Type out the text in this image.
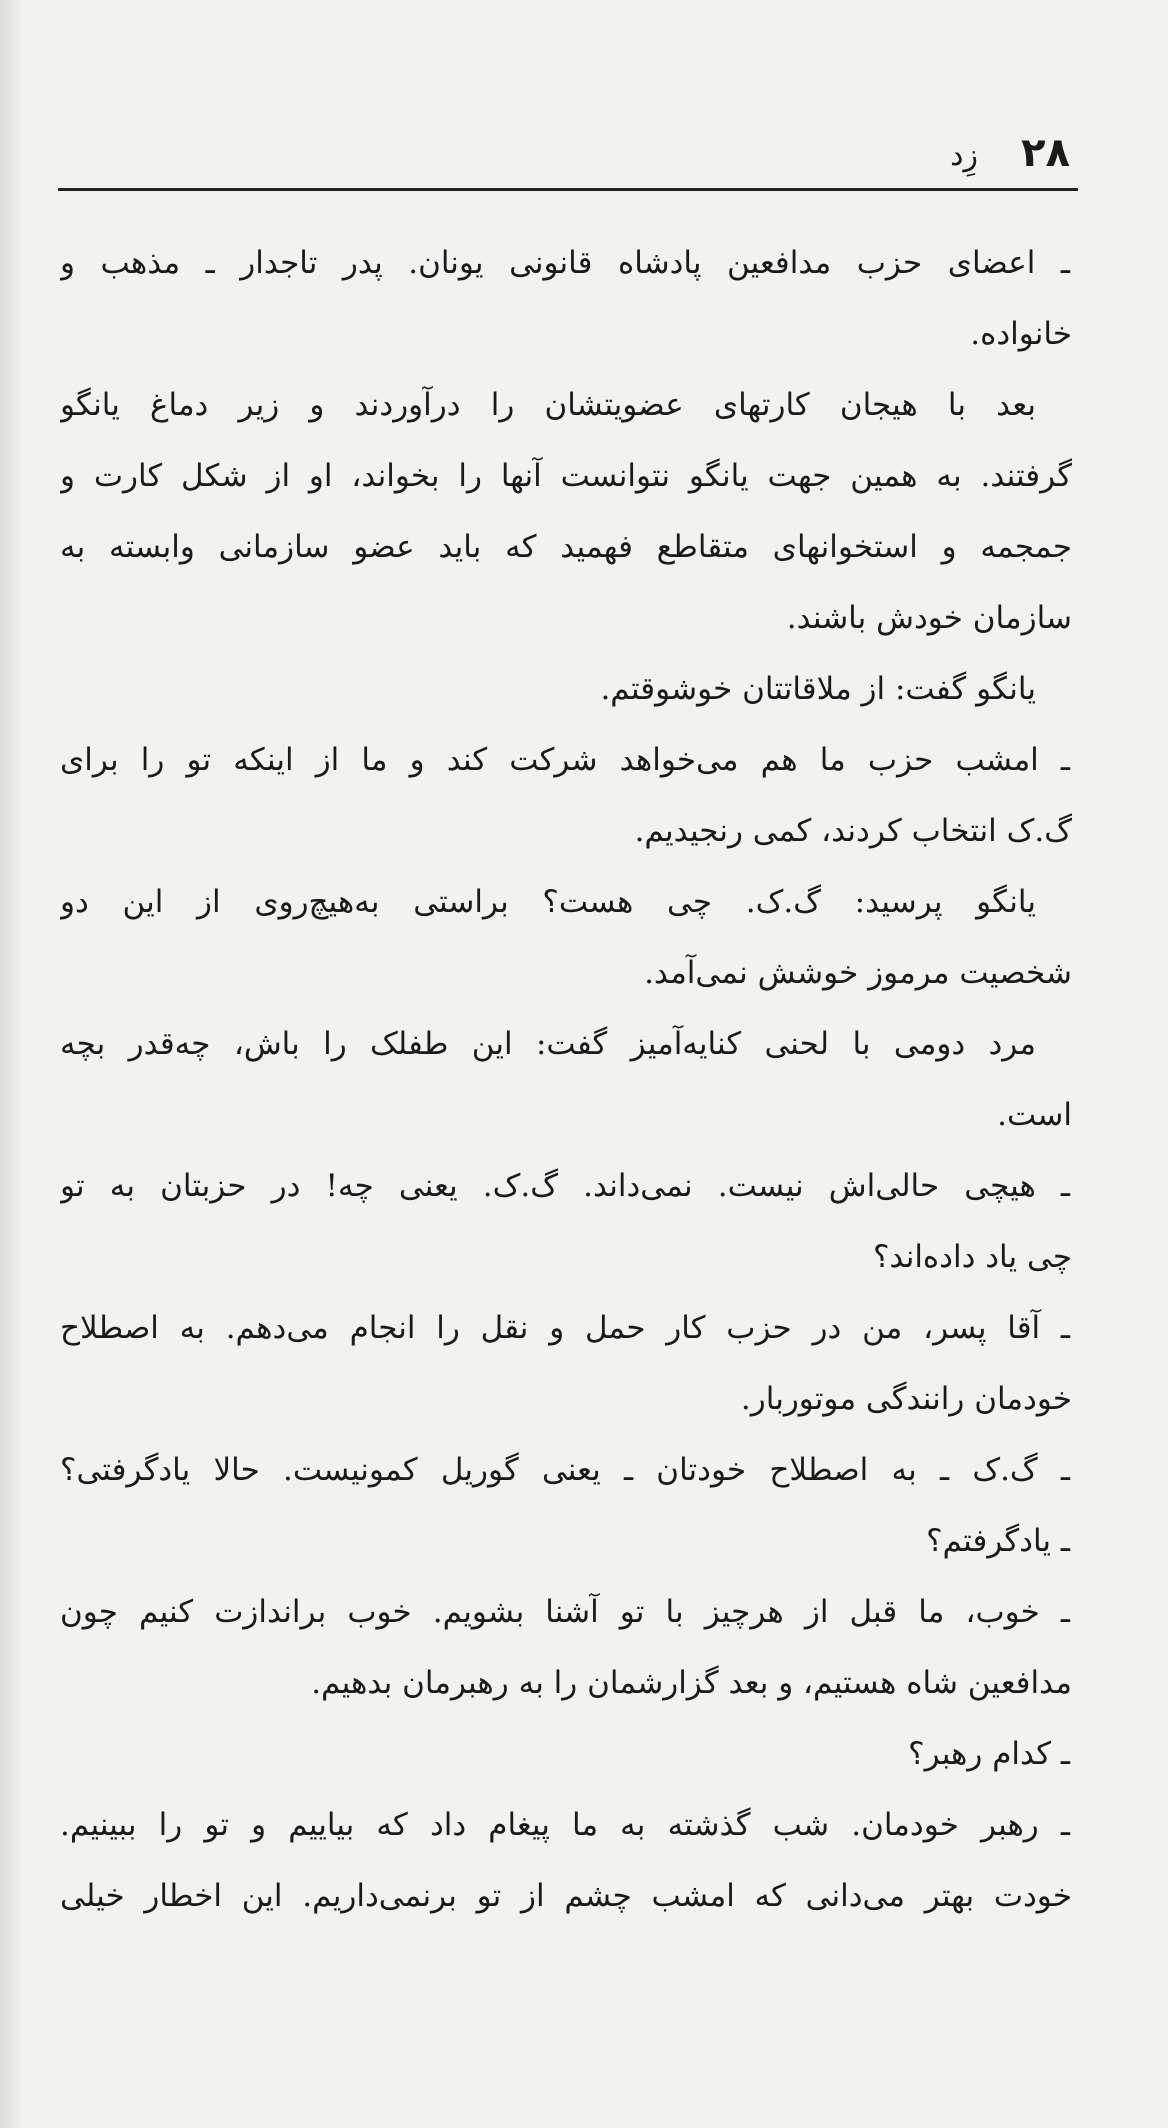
۲۸
زِد
ـ اعضای حزب مدافعین پادشاه قانونی یونان. پدر تاجدار ـ مذهب و
خانواده.
بعد با هیجان کارتهای عضویتشان را درآوردند و زیر دماغ یانگو
گرفتند. به همین جهت یانگو نتوانست آنها را بخواند، او از شکل کارت و
جمجمه و استخوانهای متقاطع فهمید که باید عضو سازمانی وابسته به
سازمان خودش باشند.
یانگو گفت: از ملاقاتتان خوشوقتم.
ـ امشب حزب ما هم می‌خواهد شرکت کند و ما از اینکه تو را برای
گ.ک انتخاب کردند، کمی رنجیدیم.
یانگو پرسید: گ.ک. چی هست؟ براستی به‌هیچ‌روی از این دو
شخصیت مرموز خوشش نمی‌آمد.
مرد دومی با لحنی کنایه‌آمیز گفت: این طفلک را باش، چه‌قدر بچه
است.
ـ هیچی حالی‌اش نیست. نمی‌داند. گ.ک. یعنی چه! در حزبتان به تو
چی یاد داده‌اند؟
ـ آقا پسر، من در حزب کار حمل و نقل را انجام می‌دهم. به اصطلاح
خودمان رانندگی موتوربار.
ـ گ.ک ـ به اصطلاح خودتان ـ یعنی گوریل کمونیست. حالا یادگرفتی؟
ـ یادگرفتم؟
ـ خوب، ما قبل از هرچیز با تو آشنا بشویم. خوب براندازت کنیم چون
مدافعین شاه هستیم، و بعد گزارشمان را به رهبرمان بدهیم.
ـ کدام رهبر؟
ـ رهبر خودمان. شب گذشته به ما پیغام داد که بیاییم و تو را ببینیم.
خودت بهتر می‌دانی که امشب چشم از تو برنمی‌داریم. این اخطار خیلی
